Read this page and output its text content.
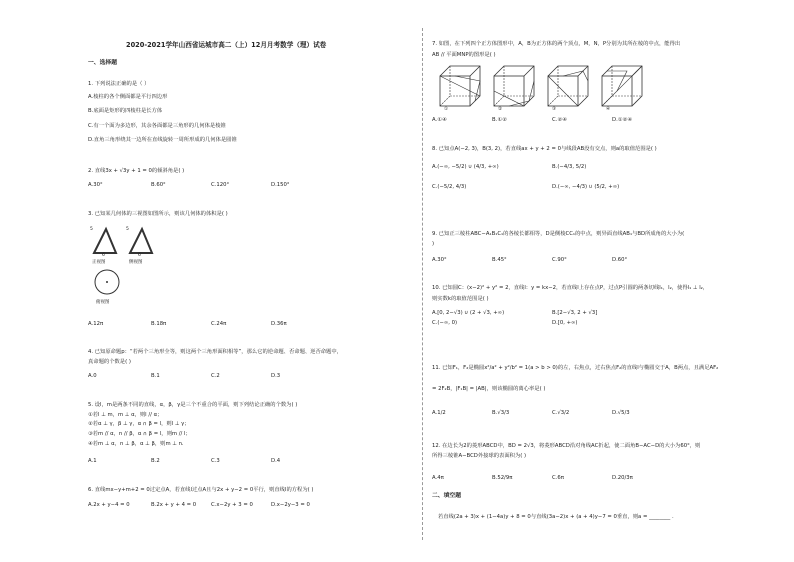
2020-2021学年山西省运城市高二（上）12月月考数学（理）试卷
一、选择题
1. 下列说法正确的是（ ）
A.棱柱的各个侧面都是平行四边形
B.底面是矩形的四棱柱是长方体
C.有一个面为多边形，其余各面都是三角形的几何体是棱锥
D.直角三角形绕其一边所在直线旋转一周所形成的几何体是圆锥
2. 直线3x + √3y + 1 = 0的倾斜角是( )
A.30°	B.60°	C.120°	D.150°
3. 已知某几何体的三视图如图所示，则该几何体的体积是( )
5
6
5
6
正视图	侧视图
俯视图
A.12π	B.18π	C.24π	D.36π
4. 已知原命题p：“若两个三角形全等，则这两个三角形面积相等”，那么它的逆命题、否命题、逆否命题中，
真命题的个数是( )
A.0	B.1	C.2	D.3
5. 设l，m是两条不同的直线，α，β，γ是三个不重合的平面，则下列结论正确的个数为( )
①若l ⊥ m，m ⊥ α，则l // α；
②若α ⊥ γ，β ⊥ γ，α ∩ β = l，则l ⊥ γ；
③若m // α，n // β，α ∩ β = l，则m // l；
④若m ⊥ α，n ⊥ β，α ⊥ β，则m ⊥ n.
A.1	B.2	C.3	D.4
6. 直线mx−y+m+2 = 0过定点A，若直线l过点A且与2x + y−2 = 0平行，则直线l的方程为( )
A.2x + y−4 = 0	B.2x + y + 4 = 0	C.x−2y + 3 = 0	D.x−2y−3 = 0
7. 如图，在下列四个正方体图形中，A，B为正方体的两个顶点，M，N，P分别为其所在棱的中点，能得出
AB // 平面MNP的图形是( )
①	②	③	④
A.①④	B.①②	C.②④	D.①②④
8. 已知点A(−2, 3)，B(3, 2)，若直线ax + y + 2 = 0与线段AB没有交点，则a的取值范围是( )
A.(−∞, −5/2) ∪ (4/3, +∞)	B.(−4/3, 5/2)
C.(−5/2, 4/3)	D.(−∞, −4/3) ∪ (5/2, +∞)
9. 已知正三棱柱ABC−A₁B₁C₁的各棱长都相等，D是侧棱CC₁的中点，则异面直线AB₁与BD所成角的大小为(
)
A.30°	B.45°	C.90°	D.60°
10. 已知圆C：(x−2)² + y² = 2，直线l：y = kx−2，若直线l上存在点P，过点P引圆的两条切线l₁，l₂，使得l₁ ⊥ l₂，
则实数k的取值范围是( )
A.[0, 2−√3) ∪ (2 + √3, +∞)	B.[2−√3, 2 + √3]
C.(−∞, 0)	D.[0, +∞)
11. 已知F₁，F₂是椭圆x²/a² + y²/b² = 1(a > b > 0)的左，右焦点，过右焦点F₂的直线l与椭圆交于A，B两点，且满足AF₂
= 2F₂B，|F₁B| = |AB|，则该椭圆的离心率是( )
A.1/2	B.√3/3	C.√3/2	D.√5/3
12. 在边长为2的菱形ABCD中，BD = 2√3，将菱形ABCD沿对角线AC折起，使二面角B−AC−D的大小为60°，则
所得三棱锥A−BCD外接球的表面积为( )
A.4π	B.52/9π	C.6π	D.20/3π
二、填空题
若直线(2a + 3)x + (1−4a)y + 8 = 0与直线(3a−2)x + (a + 4)y−7 = 0垂直，则a = ________ .
